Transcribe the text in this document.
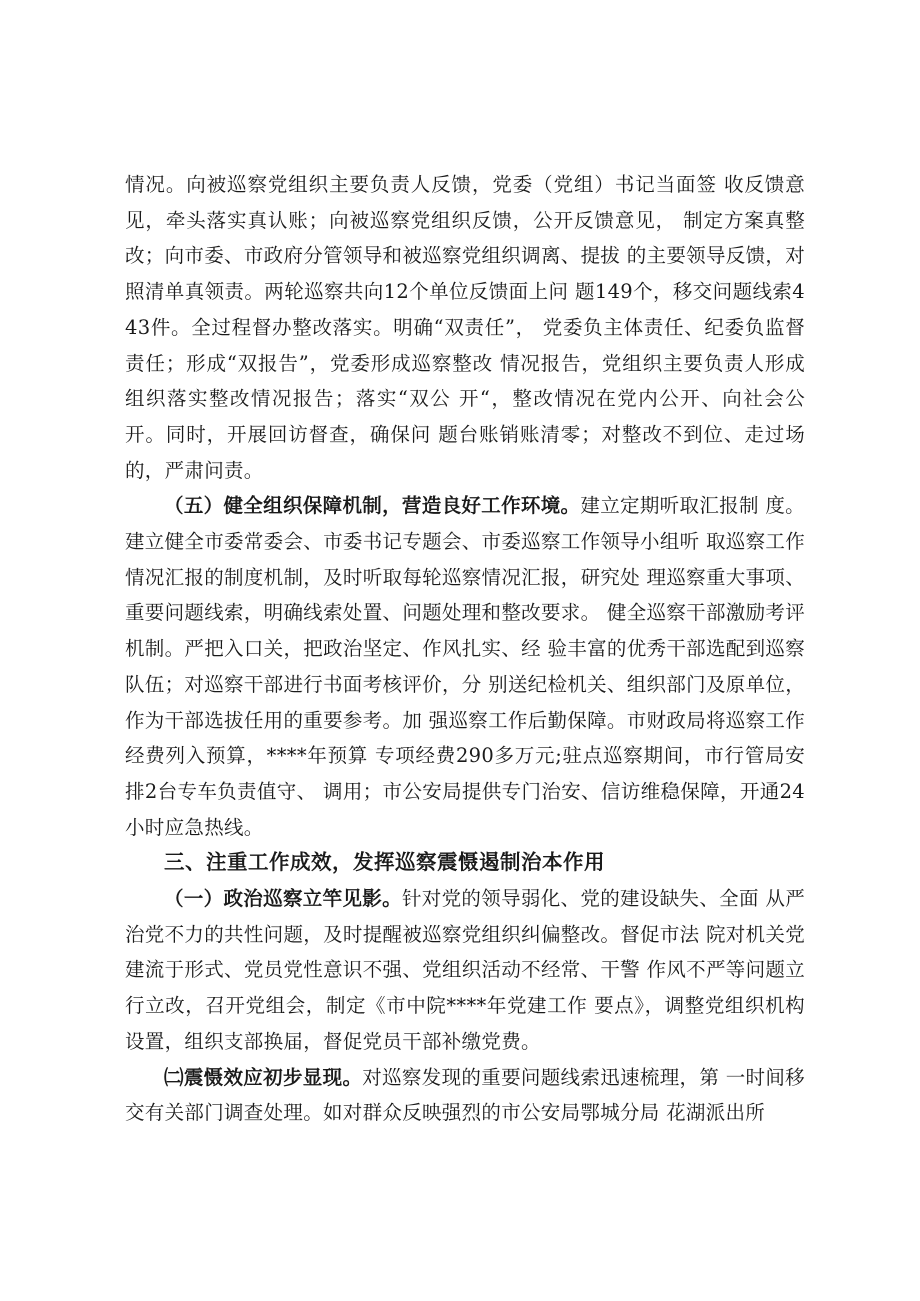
情况。向被巡察党组织主要负责人反馈，党委（党组）书记当面签 收反馈意见，牵头落实真认账；向被巡察党组织反馈，公开反馈意见， 制定方案真整改；向市委、市政府分管领导和被巡察党组织调离、提拔 的主要领导反馈，对照清单真领责。两轮巡察共向12个单位反馈面上问 题149个，移交问题线索443件。全过程督办整改落实。明确“双责任”， 党委负主体责任、纪委负监督责任；形成“双报告”，党委形成巡察整改 情况报告，党组织主要负责人形成组织落实整改情况报告；落实“双公 开“，整改情况在党内公开、向社会公开。同时，开展回访督查，确保问 题台账销账清零；对整改不到位、走过场的，严肃问责。

（五）健全组织保障机制，营造良好工作环境。建立定期听取汇报制 度。建立健全市委常委会、市委书记专题会、市委巡察工作领导小组听 取巡察工作情况汇报的制度机制，及时听取每轮巡察情况汇报，研究处 理巡察重大事项、重要问题线索，明确线索处置、问题处理和整改要求。 健全巡察干部激励考评机制。严把入口关，把政治坚定、作风扎实、经 验丰富的优秀干部选配到巡察队伍；对巡察干部进行书面考核评价，分 别送纪检机关、组织部门及原单位，作为干部选拔任用的重要参考。加 强巡察工作后勤保障。市财政局将巡察工作经费列入预算，****年预算 专项经费290多万元;驻点巡察期间，市行管局安排2台专车负责值守、 调用；市公安局提供专门治安、信访维稳保障，开通24小时应急热线。

三、注重工作成效，发挥巡察震慑遏制治本作用

（一）政治巡察立竿见影。针对党的领导弱化、党的建设缺失、全面 从严治党不力的共性问题，及时提醒被巡察党组织纠偏整改。督促市法 院对机关党建流于形式、党员党性意识不强、党组织活动不经常、干警 作风不严等问题立行立改，召开党组会，制定《市中院****年党建工作 要点》，调整党组织机构设置，组织支部换届，督促党员干部补缴党费。

㈡震慑效应初步显现。对巡察发现的重要问题线索迅速梳理，第 一时间移交有关部门调查处理。如对群众反映强烈的市公安局鄂城分局 花湖派出所
